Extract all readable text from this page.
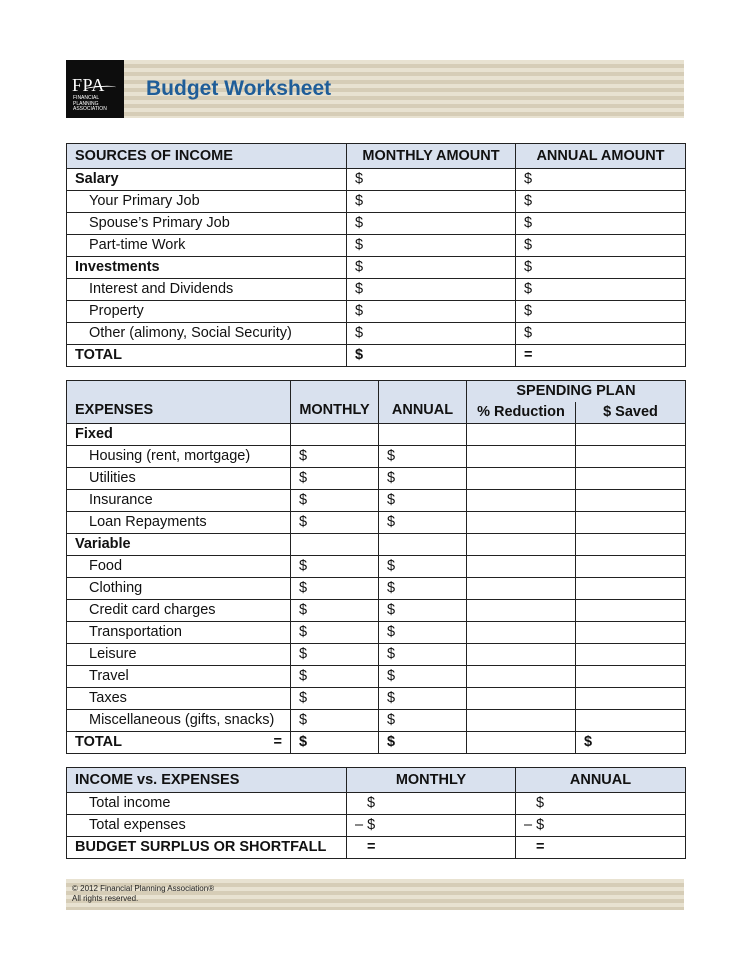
FPA
FINANCIAL PLANNING ASSOCIATION
Budget Worksheet
SOURCES OF INCOME	MONTHLY AMOUNT	ANNUAL AMOUNT
Salary	$	$
Your Primary Job	$	$
Spouse’s Primary Job	$	$
Part-time Work	$	$
Investments	$	$
Interest and Dividends	$	$
Property	$	$
Other (alimony, Social Security)	$	$
TOTAL	$	=
EXPENSES	MONTHLY	ANNUAL	SPENDING PLAN	
			% Reduction	$ Saved
Fixed				
Housing (rent, mortgage)	$	$		
Utilities	$	$		
Insurance	$	$		
Loan Repayments	$	$		
Variable				
Food	$	$		
Clothing	$	$		
Credit card charges	$	$		
Transportation	$	$		
Leisure	$	$		
Travel	$	$		
Taxes	$	$		
Miscellaneous (gifts, snacks)	$	$		

TOTAL =	$	$		$
INCOME vs. EXPENSES	MONTHLY	ANNUAL
Total income	$	$
Total expenses	– $	– $
BUDGET SURPLUS OR SHORTFALL	=	=
© 2012 Financial Planning Association®
All rights reserved.
